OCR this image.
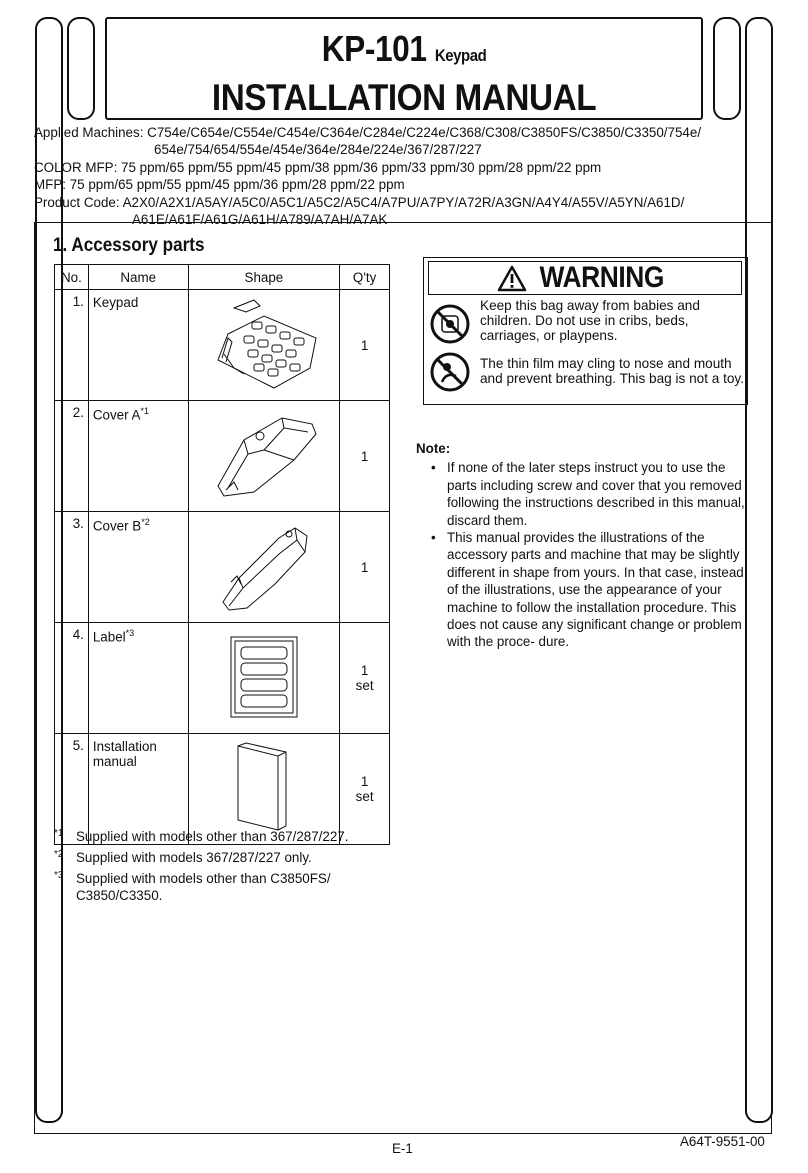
KP-101 Keypad
INSTALLATION MANUAL
Applied Machines: C754e/C654e/C554e/C454e/C364e/C284e/C224e/C368/C308/C3850FS/C3850/C3350/754e/
654e/754/654/554e/454e/364e/284e/224e/367/287/227
COLOR MFP: 75 ppm/65 ppm/55 ppm/45 ppm/38 ppm/36 ppm/33 ppm/30 ppm/28 ppm/22 ppm
MFP: 75 ppm/65 ppm/55 ppm/45 ppm/36 ppm/28 ppm/22 ppm
Product Code: A2X0/A2X1/A5AY/A5C0/A5C1/A5C2/A5C4/A7PU/A7PY/A72R/A3GN/A4Y4/A55V/A5YN/A61D/
A61E/A61F/A61G/A61H/A789/A7AH/A7AK
1. Accessory parts
No.	Name	Shape	Q'ty
1.	Keypad		1

2.	Cover $A^{*1}$		1

3.	Cover $B^{*2}$		1

4.	Label$^{*3}$		1
set

5.	Installation manual		1
set
*1 Supplied with models other than 367/287/227.
*2 Supplied with models 367/287/227 only.
*3 Supplied with models other than C3850FS/ C3850/C3350.
WARNING
Keep this bag away from babies and children. Do not use in cribs, beds, carriages, or playpens.
The thin film may cling to nose and mouth and prevent breathing. This bag is not a toy.
Note:
• If none of the later steps instruct you to use the parts including screw and cover that you removed following the instructions described in this manual, discard them.
• This manual provides the illustrations of the accessory parts and machine that may be slightly different in shape from yours. In that case, instead of the illustrations, use the appearance of your machine to follow the installation procedure. This does not cause any significant change or problem with the proce- dure.
E-1	A64T-9551-00
